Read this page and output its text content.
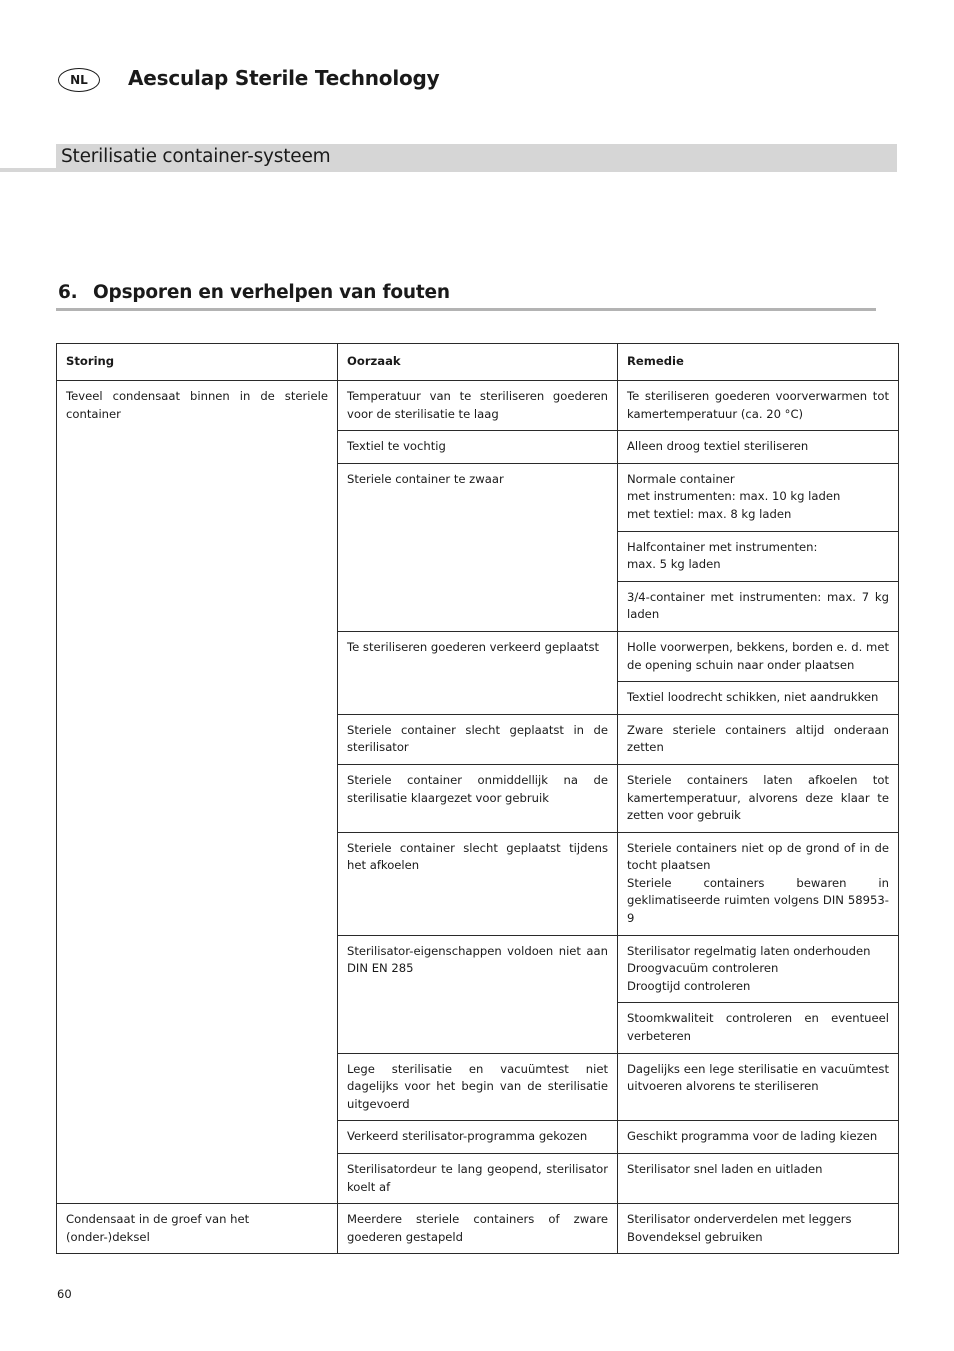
NL	Aesculap Sterile Technology
Sterilisatie container-systeem
6. Opsporen en verhelpen van fouten
Storing	Oorzaak	Remedie
Teveel condensaat binnen in de steriele container	Temperatuur van te steriliseren goederen voor de sterilisatie te laag	Te steriliseren goederen voorverwarmen tot kamertemperatuur (ca. 20 °C)

	Textiel te vochtig	Alleen droog textiel steriliseren

	Steriele container te zwaar	Normale container
met instrumenten: max. 10 kg laden
met textiel: max. 8 kg laden

		Halfcontainer met instrumenten:
max. 5 kg laden

		3/4-container met instrumenten: max. 7 kg laden

	Te steriliseren goederen verkeerd geplaatst	Holle voorwerpen, bekkens, borden e. d. met de opening schuin naar onder plaatsen

		Textiel loodrecht schikken, niet aandrukken

	Steriele container slecht geplaatst in de sterilisator	Zware steriele containers altijd onderaan zetten

	Steriele container onmiddellijk na de sterilisatie klaargezet voor gebruik	Steriele containers laten afkoelen tot kamertemperatuur, alvorens deze klaar te zetten voor gebruik

	Steriele container slecht geplaatst tijdens het afkoelen	Steriele containers niet op de grond of in de tocht plaatsen
Steriele containers bewaren in geklimatiseerde ruimten volgens DIN 58953-9

	Sterilisator-eigenschappen voldoen niet aan DIN EN 285	Sterilisator regelmatig laten onderhouden
Droogvacuüm controleren
Droogtijd controleren

		Stoomkwaliteit controleren en eventueel verbeteren

	Lege sterilisatie en vacuümtest niet dagelijks voor het begin van de sterilisatie uitgevoerd	Dagelijks een lege sterilisatie en vacuümtest uitvoeren alvorens te steriliseren

	Verkeerd sterilisator-programma gekozen	Geschikt programma voor de lading kiezen

	Sterilisatordeur te lang geopend, sterilisator koelt af	Sterilisator snel laden en uitladen

Condensaat in de groef van het (onder-)deksel	Meerdere steriele containers of zware goederen gestapeld	Sterilisator onderverdelen met leggers
Bovendeksel gebruiken
60
